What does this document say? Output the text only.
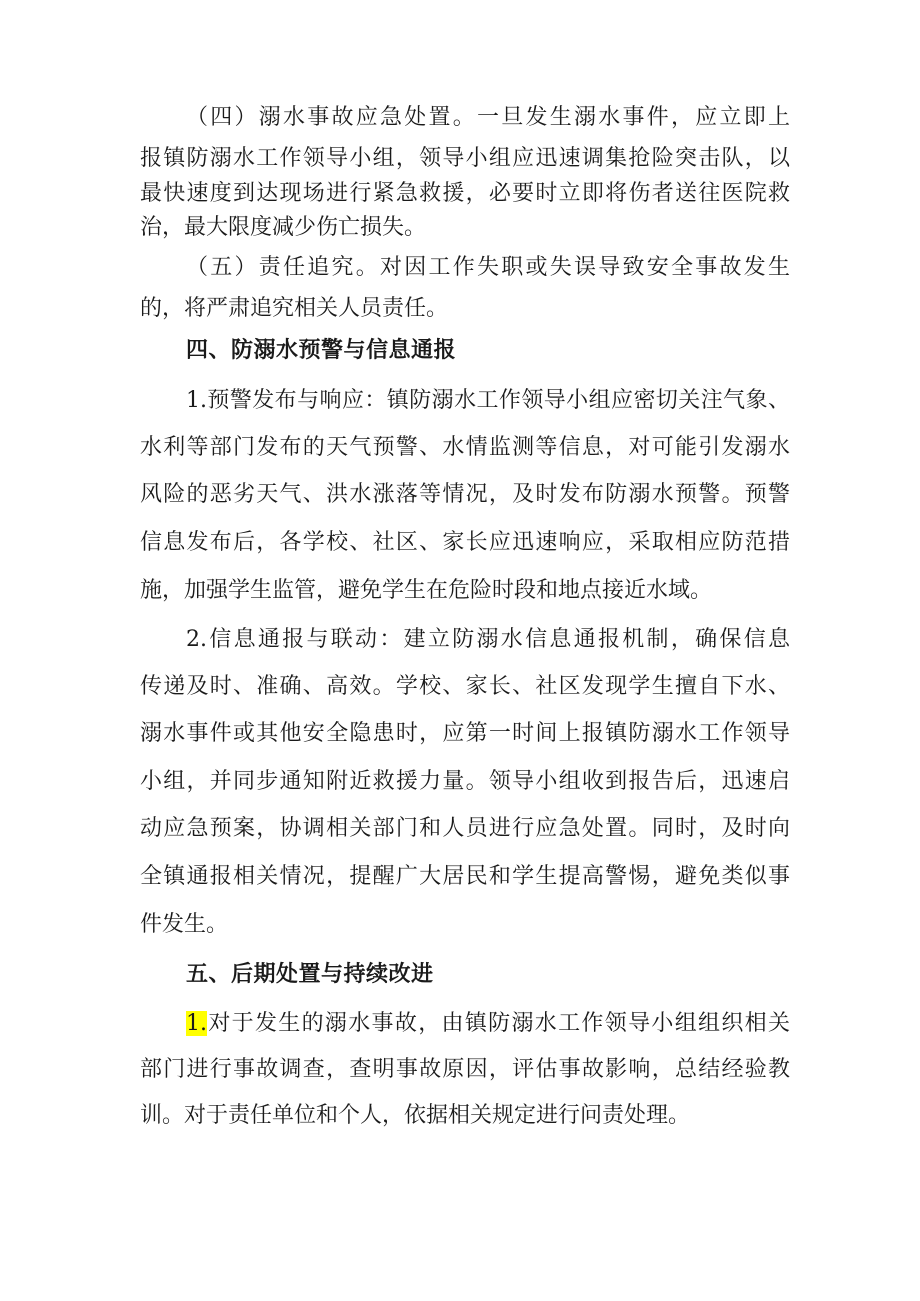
（四）溺水事故应急处置。一旦发生溺水事件，应立即上
报镇防溺水工作领导小组，领导小组应迅速调集抢险突击队，以
最快速度到达现场进行紧急救援，必要时立即将伤者送往医院救
治，最大限度减少伤亡损失。
（五）责任追究。对因工作失职或失误导致安全事故发生
的，将严肃追究相关人员责任。
四、防溺水预警与信息通报
1.预警发布与响应：镇防溺水工作领导小组应密切关注气象、
水利等部门发布的天气预警、水情监测等信息，对可能引发溺水
风险的恶劣天气、洪水涨落等情况，及时发布防溺水预警。预警
信息发布后，各学校、社区、家长应迅速响应，采取相应防范措
施，加强学生监管，避免学生在危险时段和地点接近水域。
2.信息通报与联动：建立防溺水信息通报机制，确保信息
传递及时、准确、高效。学校、家长、社区发现学生擅自下水、
溺水事件或其他安全隐患时，应第一时间上报镇防溺水工作领导
小组，并同步通知附近救援力量。领导小组收到报告后，迅速启
动应急预案，协调相关部门和人员进行应急处置。同时，及时向
全镇通报相关情况，提醒广大居民和学生提高警惕，避免类似事
件发生。
五、后期处置与持续改进
1.对于发生的溺水事故，由镇防溺水工作领导小组组织相关
部门进行事故调查，查明事故原因，评估事故影响，总结经验教
训。对于责任单位和个人，依据相关规定进行问责处理。
